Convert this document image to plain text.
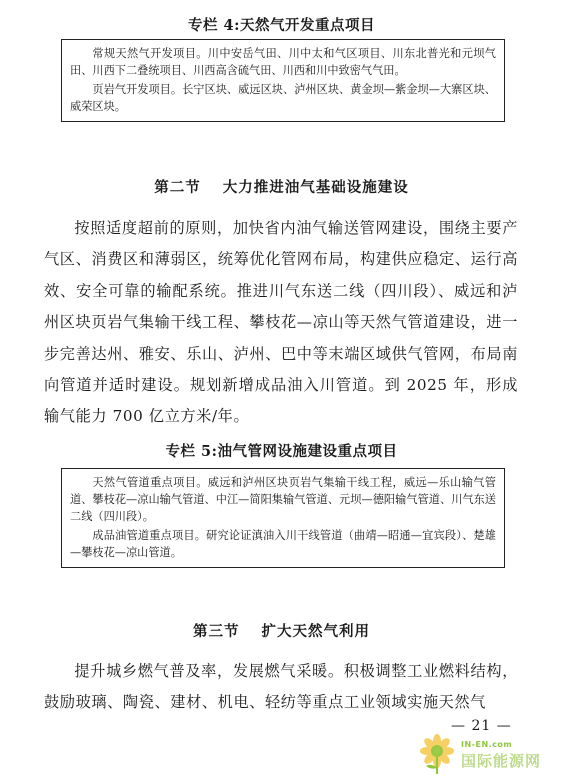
专栏 4:天然气开发重点项目

常规天然气开发项目。川中安岳气田、川中太和气区项目、川东北普光和元坝气田、川西下二叠统项目、川西高含硫气田、川西和川中致密气气田。

页岩气开发项目。长宁区块、威远区块、泸州区块、黄金坝—紫金坝—大寨区块、威荣区块。

第二节 大力推进油气基础设施建设

按照适度超前的原则，加快省内油气输送管网建设，围绕主要产气区、消费区和薄弱区，统筹优化管网布局，构建供应稳定、运行高效、安全可靠的输配系统。推进川气东送二线（四川段）、威远和泸州区块页岩气集输干线工程、攀枝花—凉山等天然气管道建设，进一步完善达州、雅安、乐山、泸州、巴中等末端区域供气管网，布局南向管道并适时建设。规划新增成品油入川管道。到 2025 年，形成输气能力 700 亿立方米/年。

专栏 5:油气管网设施建设重点项目

天然气管道重点项目。威远和泸州区块页岩气集输干线工程，威远—乐山输气管道、攀枝花—凉山输气管道、中江—简阳集输气管道、元坝—德阳输气管道、川气东送二线（四川段）。

成品油管道重点项目。研究论证滇油入川干线管道（曲靖—昭通—宜宾段）、楚雄—攀枝花—凉山管道。

第三节 扩大天然气利用

提升城乡燃气普及率，发展燃气采暖。积极调整工业燃料结构，鼓励玻璃、陶瓷、建材、机电、轻纺等重点工业领域实施天然气

— 21 —
IN-EN.com
国际能源网
